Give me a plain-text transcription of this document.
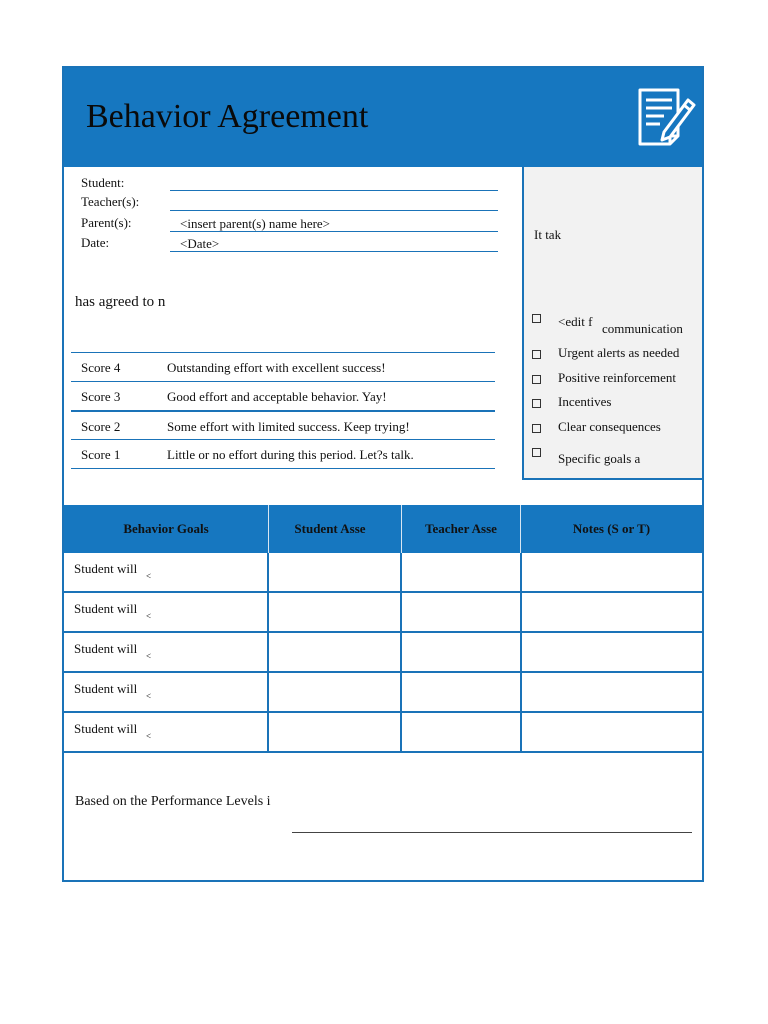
Behavior Agreement
Student:
Teacher(s):
Parent(s):	<insert parent(s) name here>
Date:	<Date>
has agreed to n
Score 4	Outstanding effort with excellent success!
Score 3	Good effort and acceptable behavior. Yay!
Score 2	Some effort with limited success. Keep trying!
Score 1	Little or no effort during this period. Let?s talk.
It tak
<edit f communication
Urgent alerts as needed
Positive reinforcement
Incentives
Clear consequences
Specific goals a
Behavior Goals	Student Asse	Teacher Asse	Notes (S or T)
Student will <
Student will <
Student will <
Student will <
Student will <
Based on the Performance Levels i
